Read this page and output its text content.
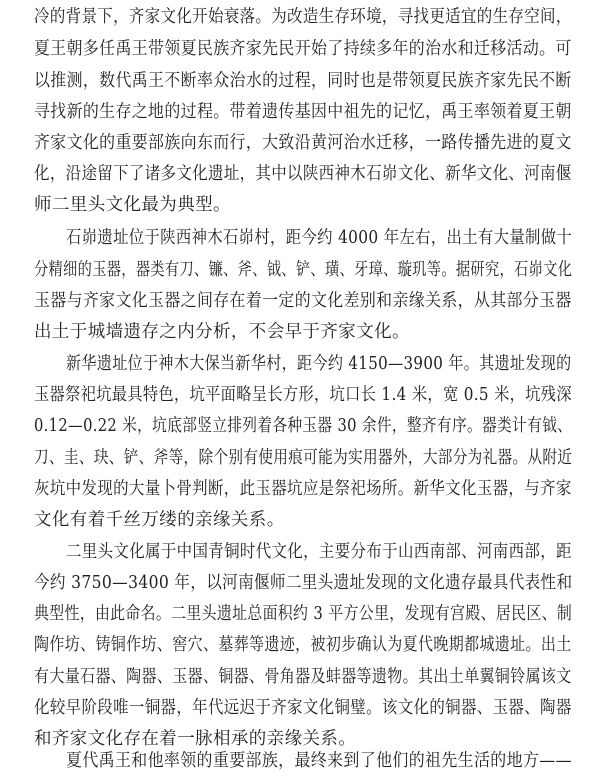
冷的背景下，齐家文化开始衰落。为改造生存环境，寻找更适宜的生存空间，
夏王朝多任禹王带领夏民族齐家先民开始了持续多年的治水和迁移活动。可
以推测，数代禹王不断率众治水的过程，同时也是带领夏民族齐家先民不断
寻找新的生存之地的过程。带着遗传基因中祖先的记忆，禹王率领着夏王朝
齐家文化的重要部族向东而行，大致沿黄河治水迁移，一路传播先进的夏文
化，沿途留下了诸多文化遗址，其中以陕西神木石峁文化、新华文化、河南偃
师二里头文化最为典型。
石峁遗址位于陕西神木石峁村，距今约 4000 年左右，出土有大量制做十
分精细的玉器，器类有刀、镰、斧、钺、铲、璜、牙璋、璇玑等。据研究，石峁文化
玉器与齐家文化玉器之间存在着一定的文化差别和亲缘关系，从其部分玉器
出土于城墙遗存之内分析，不会早于齐家文化。
新华遗址位于神木大保当新华村，距今约 4150—3900 年。其遗址发现的
玉器祭祀坑最具特色，坑平面略呈长方形，坑口长 1.4 米，宽 0.5 米，坑残深
0.12—0.22 米，坑底部竖立排列着各种玉器 30 余件，整齐有序。器类计有钺、
刀、圭、玦、铲、斧等，除个别有使用痕可能为实用器外，大部分为礼器。从附近
灰坑中发现的大量卜骨判断，此玉器坑应是祭祀场所。新华文化玉器，与齐家
文化有着千丝万缕的亲缘关系。
二里头文化属于中国青铜时代文化，主要分布于山西南部、河南西部，距
今约 3750—3400 年，以河南偃师二里头遗址发现的文化遗存最具代表性和
典型性，由此命名。二里头遗址总面积约 3 平方公里，发现有宫殿、居民区、制
陶作坊、铸铜作坊、窖穴、墓葬等遗迹，被初步确认为夏代晚期都城遗址。出土
有大量石器、陶器、玉器、铜器、骨角器及蚌器等遗物。其出土单翼铜铃属该文
化较早阶段唯一铜器，年代远迟于齐家文化铜璧。该文化的铜器、玉器、陶器
和齐家文化存在着一脉相承的亲缘关系。
夏代禹王和他率领的重要部族，最终来到了他们的祖先生活的地方——
